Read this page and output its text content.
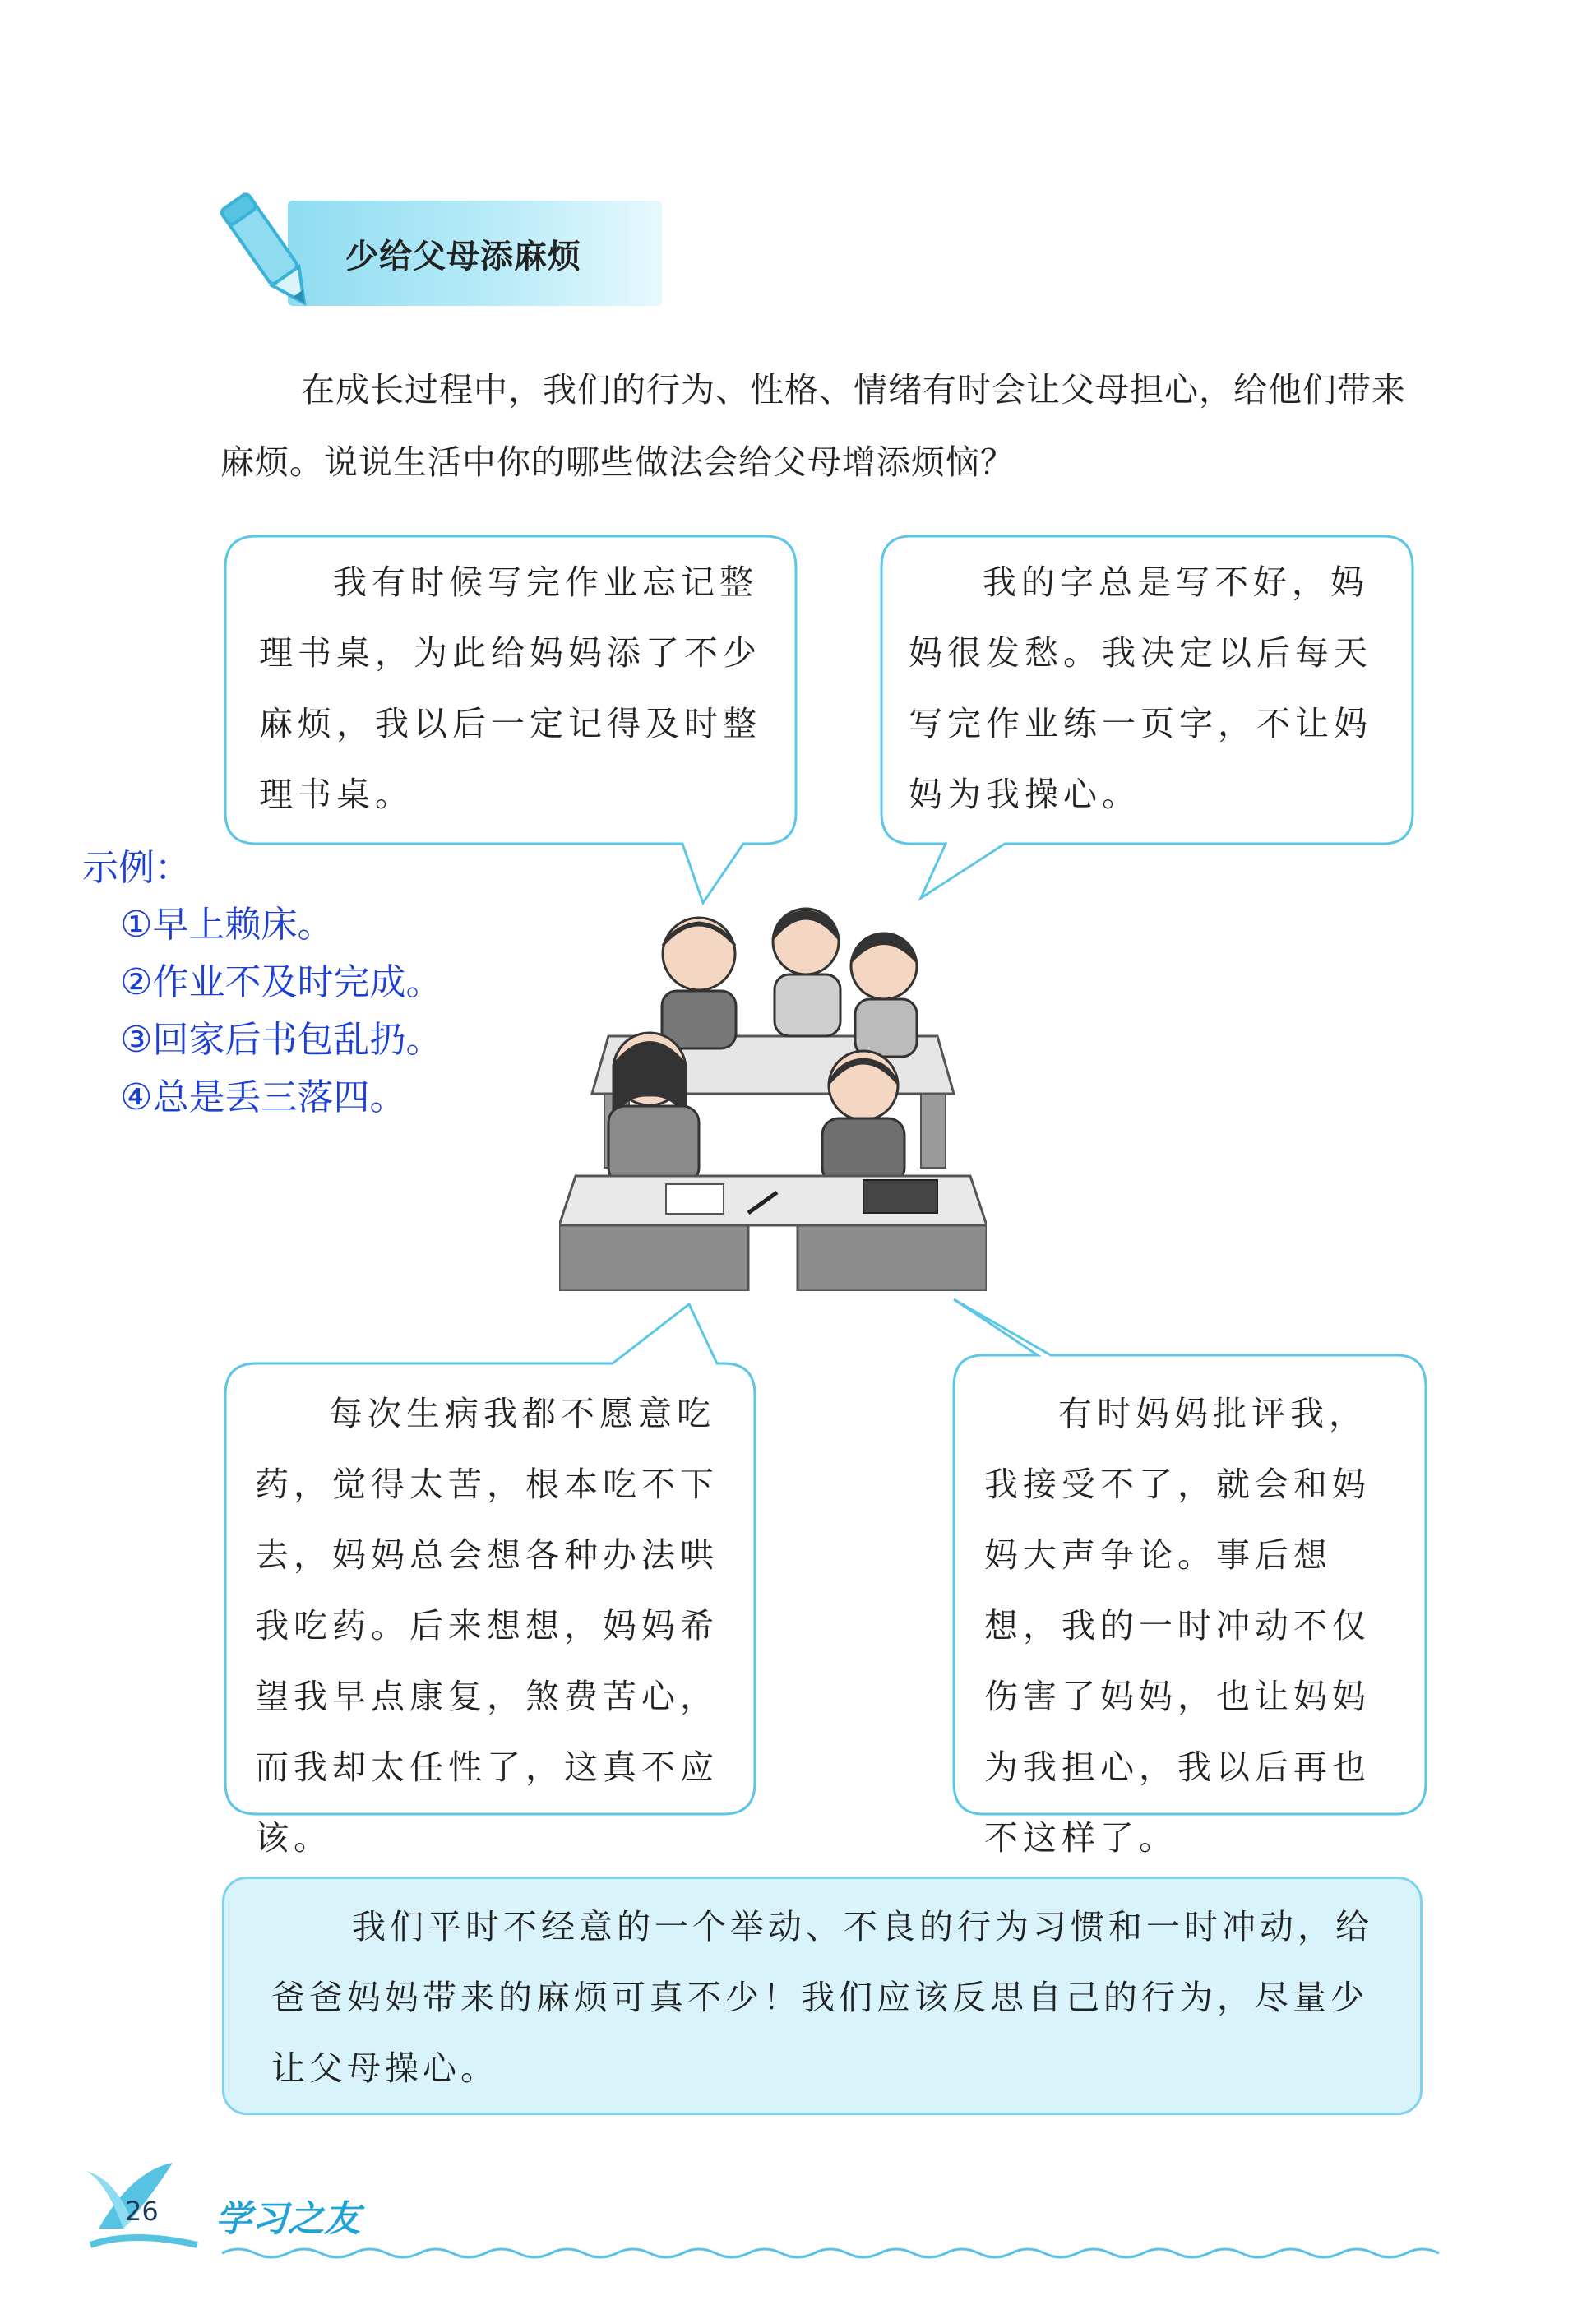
少给父母添麻烦
在成长过程中，我们的行为、性格、情绪有时会让父母担心，给他们带来麻烦。说说生活中你的哪些做法会给父母增添烦恼？
我有时候写完作业忘记整理书桌，为此给妈妈添了不少麻烦，我以后一定记得及时整理书桌。
我的字总是写不好，妈妈很发愁。我决定以后每天写完作业练一页字，不让妈妈为我操心。
每次生病我都不愿意吃药，觉得太苦，根本吃不下去，妈妈总会想各种办法哄我吃药。后来想想，妈妈希望我早点康复，煞费苦心，而我却太任性了，这真不应该。
有时妈妈批评我，我接受不了，就会和妈妈大声争论。事后想想，我的一时冲动不仅伤害了妈妈，也让妈妈为我担心，我以后再也不这样了。
示例：
①早上赖床。
②作业不及时完成。
③回家后书包乱扔。
④总是丢三落四。
我们平时不经意的一个举动、不良的行为习惯和一时冲动，给爸爸妈妈带来的麻烦可真不少！我们应该反思自己的行为，尽量少让父母操心。
26 学习之友
